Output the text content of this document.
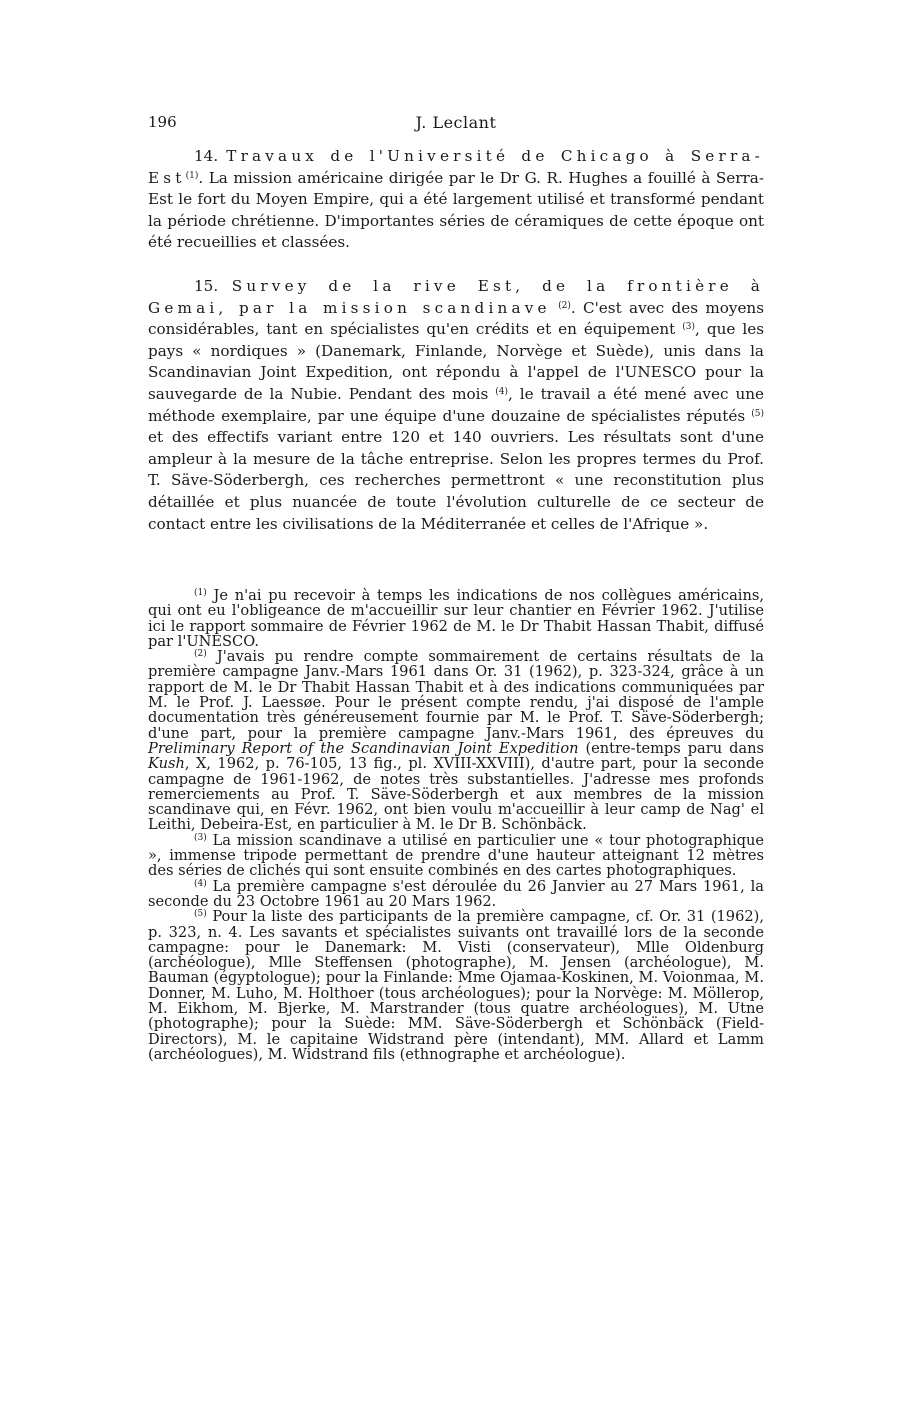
196	J. Leclant

14. Travaux de l'Université de Chicago à Serra-Est$^{(1)}$. La mission américaine dirigée par le Dr G. R. Hughes a fouillé à Serra-Est le fort du Moyen Empire, qui a été largement utilisé et transformé pendant la période chrétienne. D'importantes séries de céramiques de cette époque ont été recueillies et classées.

15. Survey de la rive Est, de la frontière à Gemai, par la mission scandinave $^{(2)}$. C'est avec des moyens considérables, tant en spécialistes qu'en crédits et en équipement $^{(3)}$, que les pays « nordiques » (Danemark, Finlande, Norvège et Suède), unis dans la Scandinavian Joint Expedition, ont répondu à l'appel de l'UNESCO pour la sauvegarde de la Nubie. Pendant des mois $^{(4)}$, le travail a été mené avec une méthode exemplaire, par une équipe d'une douzaine de spécialistes réputés $^{(5)}$ et des effectifs variant entre 120 et 140 ouvriers. Les résultats sont d'une ampleur à la mesure de la tâche entreprise. Selon les propres termes du Prof. T. Säve-Söderbergh, ces recherches permettront « une reconstitution plus détaillée et plus nuancée de toute l'évolution culturelle de ce secteur de contact entre les civilisations de la Méditerranée et celles de l'Afrique ».

$^{(1)}$ Je n'ai pu recevoir à temps les indications de nos collègues américains, qui ont eu l'obligeance de m'accueillir sur leur chantier en Février 1962. J'utilise ici le rapport sommaire de Février 1962 de M. le Dr Thabit Hassan Thabit, diffusé par l'UNESCO.

$^{(2)}$ J'avais pu rendre compte sommairement de certains résultats de la première campagne Janv.-Mars 1961 dans Or. 31 (1962), p. 323-324, grâce à un rapport de M. le Dr Thabit Hassan Thabit et à des indications communiquées par M. le Prof. J. Laessøe. Pour le présent compte rendu, j'ai disposé de l'ample documentation très généreusement fournie par M. le Prof. T. Säve-Söderbergh; d'une part, pour la première campagne Janv.-Mars 1961, des épreuves du Preliminary Report of the Scandinavian Joint Expedition (entre-temps paru dans Kush, X, 1962, p. 76-105, 13 fig., pl. XVIII-XXVIII), d'autre part, pour la seconde campagne de 1961-1962, de notes très substantielles. J'adresse mes profonds remerciements au Prof. T. Säve-Söderbergh et aux membres de la mission scandinave qui, en Févr. 1962, ont bien voulu m'accueillir à leur camp de Nag' el Leithi, Debeira-Est, en particulier à M. le Dr B. Schönbäck.

$^{(3)}$ La mission scandinave a utilisé en particulier une « tour photographique », immense tripode permettant de prendre d'une hauteur atteignant 12 mètres des séries de clichés qui sont ensuite combinés en des cartes photographiques.

$^{(4)}$ La première campagne s'est déroulée du 26 Janvier au 27 Mars 1961, la seconde du 23 Octobre 1961 au 20 Mars 1962.

$^{(5)}$ Pour la liste des participants de la première campagne, cf. Or. 31 (1962), p. 323, n. 4. Les savants et spécialistes suivants ont travaillé lors de la seconde campagne: pour le Danemark: M. Visti (conservateur), Mlle Oldenburg (archéologue), Mlle Steffensen (photographe), M. Jensen (archéologue), M. Bauman (égyptologue); pour la Finlande: Mme Ojamaa-Koskinen, M. Voionmaa, M. Donner, M. Luho, M. Holthoer (tous archéologues); pour la Norvège: M. Möllerop, M. Eikhom, M. Bjerke, M. Marstrander (tous quatre archéologues), M. Utne (photographe); pour la Suède: MM. Säve-Söderbergh et Schönbäck (Field-Directors), M. le capitaine Widstrand père (intendant), MM. Allard et Lamm (archéologues), M. Widstrand fils (ethnographe et archéologue).
